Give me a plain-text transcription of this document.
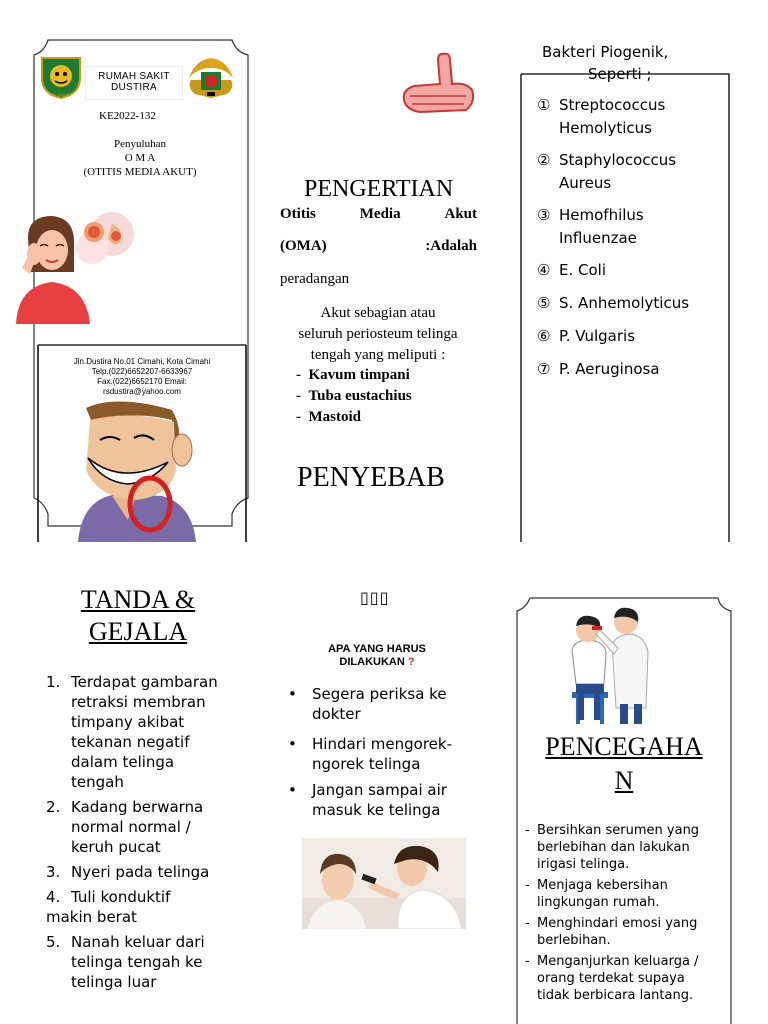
SILIWANGI
RUMAH SAKIT
DUSTIRA
KE2022-132
Penyuluhan
O M A
(OTITIS MEDIA AKUT)
Jln.Dustira No.01 Cimahi, Kota Cimahi
Telp.(022)6652207-6633967
Fax.(022)6652170 Email:
rsdustira@yahoo.com
PENGERTIAN
Otitis	Media	Akut
(OMA)	:Adalah
peradangan
Akut sebagian atau
seluruh periosteum telinga
tengah yang meliputi :
-  Kavum timpani
-  Tuba eustachius
-  Mastoid
PENYEBAB
Bakteri Piogenik,
Seperti ;
① Streptococcus
Hemolyticus
② Staphylococcus
Aureus
③ Hemofhilus
Influenzae
④ E. Coli
⑤ S. Anhemolyticus
⑥ P. Vulgaris
⑦ P. Aeruginosa
TANDA &
GEJALA
1. Terdapat gambaran
retraksi membran
timpany akibat
tekanan negatif
dalam telinga
tengah
2. Kadang berwarna
normal normal /
keruh pucat
3. Nyeri pada telinga
4. Tuli konduktif
makin berat
5. Nanah keluar dari
telinga tengah ke
telinga luar
▯▯▯
APA YANG HARUS
DILAKUKAN ?
•	Segera periksa ke
dokter
•	Hindari mengorek-
ngorek telinga
•	Jangan sampai air
masuk ke telinga
PENCEGAHA
N
- Bersihkan serumen yang
berlebihan dan lakukan
irigasi telinga.
- Menjaga kebersihan
lingkungan rumah.
- Menghindari emosi yang
berlebihan.
- Menganjurkan keluarga /
orang terdekat supaya
tidak berbicara lantang.
